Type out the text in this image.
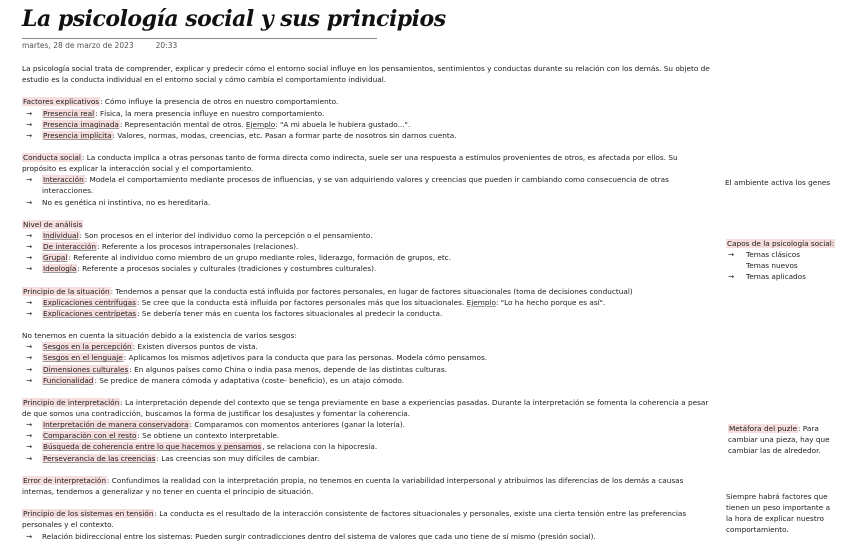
La psicología social y sus principios
martes, 28 de marzo de 2023	20:33

La psicología social trata de comprender, explicar y predecir cómo el entorno social influye en los pensamientos, sentimientos y conductas durante su relación con los demás. Su objeto de estudio es la conducta individual en el entorno social y cómo cambia el comportamiento individual.

Factores explicativos: Cómo influye la presencia de otros en nuestro comportamiento.

→	Presencia real: Física, la mera presencia influye en nuestro comportamiento.
→	Presencia imaginada: Representación mental de otros. Ejemplo: "A mi abuela le hubiera gustado...".
→	Presencia implícita: Valores, normas, modas, creencias, etc. Pasan a formar parte de nosotros sin darnos cuenta.

Conducta social: La conducta implica a otras personas tanto de forma directa como indirecta, suele ser una respuesta a estímulos provenientes de otros, es afectada por ellos. Su propósito es explicar la interacción social y el comportamiento.

→	Interacción: Modela el comportamiento mediante procesos de influencias, y se van adquiriendo valores y creencias que pueden ir cambiando como consecuencia de otras interacciones.
→	No es genética ni instintiva, no es hereditaria.

Nivel de análisis

→	Individual: Son procesos en el interior del individuo como la percepción o el pensamiento.
→	De interacción: Referente a los procesos intrapersonales (relaciones).
→	Grupal: Referente al individuo como miembro de un grupo mediante roles, liderazgo, formación de grupos, etc.
→	Ideología: Referente a procesos sociales y culturales (tradiciones y costumbres culturales).

Principio de la situación: Tendemos a pensar que la conducta está influida por factores personales, en lugar de factores situacionales (toma de decisiones conductual)

→	Explicaciones centrífugas: Se cree que la conducta está influida por factores personales más que los situacionales. Ejemplo: "Lo ha hecho porque es así".
→	Explicaciones centrípetas: Se debería tener más en cuenta los factores situacionales al predecir la conducta.

No tenemos en cuenta la situación debido a la existencia de varios sesgos:

→	Sesgos en la percepción: Existen diversos puntos de vista.
→	Sesgos en el lenguaje: Aplicamos los mismos adjetivos para la conducta que para las personas. Modela cómo pensamos.
→	Dimensiones culturales: En algunos países como China o india pasa menos, depende de las distintas culturas.
→	Funcionalidad: Se predice de manera cómoda y adaptativa (coste- beneficio), es un atajo cómodo.

Principio de interpretación: La interpretación depende del contexto que se tenga previamente en base a experiencias pasadas. Durante la interpretación se fomenta la coherencia a pesar de que somos una contradicción, buscamos la forma de justificar los desajustes y fomentar la coherencia.

→	Interpretación de manera conservadora: Comparamos con momentos anteriores (ganar la lotería).
→	Comparación con el resto: Se obtiene un contexto interpretable.
→	Búsqueda de coherencia entre lo que hacemos y pensamos, se relaciona con la hipocresía.
→	Perseverancia de las creencias: Las creencias son muy difíciles de cambiar.

Error de interpretación: Confundimos la realidad con la interpretación propia, no tenemos en cuenta la variabilidad interpersonal y atribuimos las diferencias de los demás a causas internas, tendemos a generalizar y no tener en cuenta el principio de situación.

Principio de los sistemas en tensión: La conducta es el resultado de la interacción consistente de factores situacionales y personales, existe una cierta tensión entre las preferencias personales y el contexto.

→	Relación bidireccional entre los sistemas: Pueden surgir contradicciones dentro del sistema de valores que cada uno tiene de sí mismo (presión social).

El ambiente activa los genes

Capos de la psicología social:

→	Temas clásicos
Temas nuevos
→	Temas aplicados

Metáfora del puzle: Para cambiar una pieza, hay que cambiar las de alrededor.

Siempre habrá factores que tienen un peso importante a la hora de explicar nuestro comportamiento.
